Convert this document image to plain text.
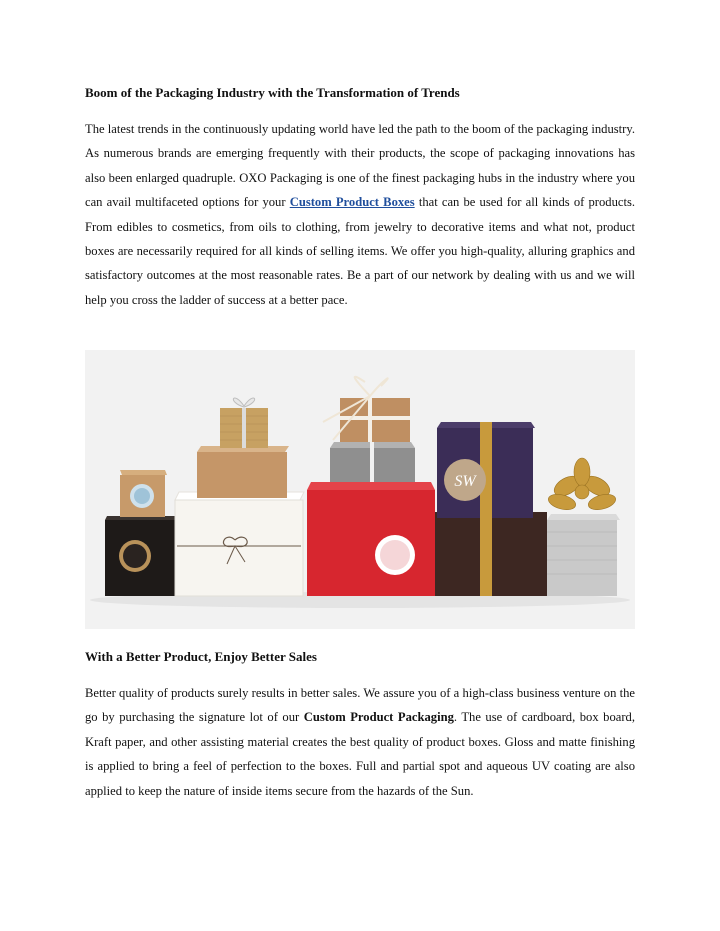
Boom of the Packaging Industry with the Transformation of Trends

The latest trends in the continuously updating world have led the path to the boom of the packaging industry. As numerous brands are emerging frequently with their products, the scope of packaging innovations has also been enlarged quadruple. OXO Packaging is one of the finest packaging hubs in the industry where you can avail multifaceted options for your Custom Product Boxes that can be used for all kinds of products. From edibles to cosmetics, from oils to clothing, from jewelry to decorative items and what not, product boxes are necessarily required for all kinds of selling items. We offer you high-quality, alluring graphics and satisfactory outcomes at the most reasonable rates. Be a part of our network by dealing with us and we will help you cross the ladder of success at a better pace.

SW
With a Better Product, Enjoy Better Sales

Better quality of products surely results in better sales. We assure you of a high-class business venture on the go by purchasing the signature lot of our Custom Product Packaging. The use of cardboard, box board, Kraft paper, and other assisting material creates the best quality of product boxes. Gloss and matte finishing is applied to bring a feel of perfection to the boxes. Full and partial spot and aqueous UV coating are also applied to keep the nature of inside items secure from the hazards of the Sun.
